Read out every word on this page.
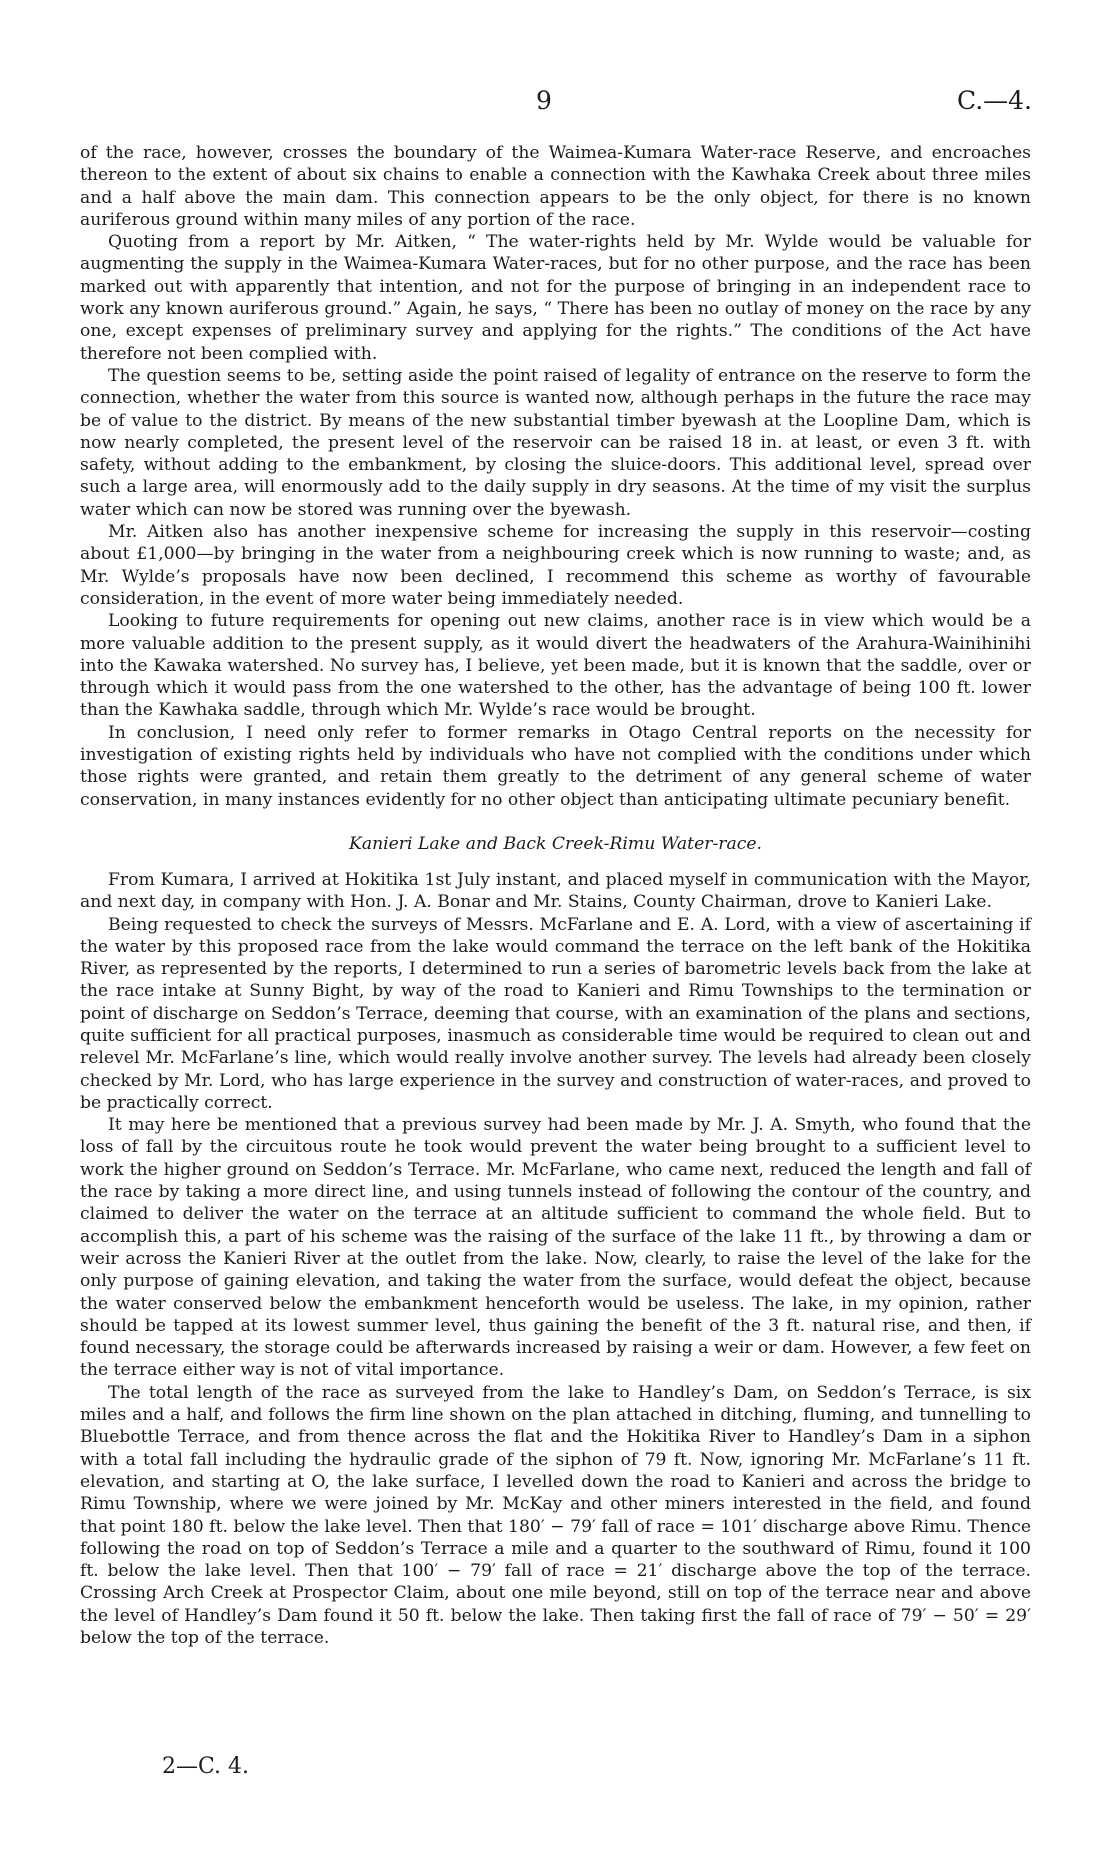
9	C.—4.

of the race, however, crosses the boundary of the Waimea-Kumara Water-race Reserve, and encroaches thereon to the extent of about six chains to enable a connection with the Kawhaka Creek about three miles and a half above the main dam. This connection appears to be the only object, for there is no known auriferous ground within many miles of any portion of the race.

Quoting from a report by Mr. Aitken, “ The water-rights held by Mr. Wylde would be valuable for augmenting the supply in the Waimea-Kumara Water-races, but for no other purpose, and the race has been marked out with apparently that intention, and not for the purpose of bringing in an independent race to work any known auriferous ground.” Again, he says, “ There has been no outlay of money on the race by any one, except expenses of preliminary survey and applying for the rights.” The conditions of the Act have therefore not been complied with.

The question seems to be, setting aside the point raised of legality of entrance on the reserve to form the connection, whether the water from this source is wanted now, although perhaps in the future the race may be of value to the district. By means of the new substantial timber byewash at the Loopline Dam, which is now nearly completed, the present level of the reservoir can be raised 18 in. at least, or even 3 ft. with safety, without adding to the embankment, by closing the sluice-doors. This additional level, spread over such a large area, will enormously add to the daily supply in dry seasons. At the time of my visit the surplus water which can now be stored was running over the byewash.

Mr. Aitken also has another inexpensive scheme for increasing the supply in this reservoir—costing about £1,000—by bringing in the water from a neighbouring creek which is now running to waste; and, as Mr. Wylde’s proposals have now been declined, I recommend this scheme as worthy of favourable consideration, in the event of more water being immediately needed.

Looking to future requirements for opening out new claims, another race is in view which would be a more valuable addition to the present supply, as it would divert the headwaters of the Arahura-Wainihinihi into the Kawaka watershed. No survey has, I believe, yet been made, but it is known that the saddle, over or through which it would pass from the one watershed to the other, has the advantage of being 100 ft. lower than the Kawhaka saddle, through which Mr. Wylde’s race would be brought.

In conclusion, I need only refer to former remarks in Otago Central reports on the necessity for investigation of existing rights held by individuals who have not complied with the conditions under which those rights were granted, and retain them greatly to the detriment of any general scheme of water conservation, in many instances evidently for no other object than anticipating ultimate pecuniary benefit.

Kanieri Lake and Back Creek-Rimu Water-race.

From Kumara, I arrived at Hokitika 1st July instant, and placed myself in communication with the Mayor, and next day, in company with Hon. J. A. Bonar and Mr. Stains, County Chairman, drove to Kanieri Lake.

Being requested to check the surveys of Messrs. McFarlane and E. A. Lord, with a view of ascertaining if the water by this proposed race from the lake would command the terrace on the left bank of the Hokitika River, as represented by the reports, I determined to run a series of barometric levels back from the lake at the race intake at Sunny Bight, by way of the road to Kanieri and Rimu Townships to the termination or point of discharge on Seddon’s Terrace, deeming that course, with an examination of the plans and sections, quite sufficient for all practical purposes, inasmuch as considerable time would be required to clean out and relevel Mr. McFarlane’s line, which would really involve another survey. The levels had already been closely checked by Mr. Lord, who has large experience in the survey and construction of water-races, and proved to be practically correct.

It may here be mentioned that a previous survey had been made by Mr. J. A. Smyth, who found that the loss of fall by the circuitous route he took would prevent the water being brought to a sufficient level to work the higher ground on Seddon’s Terrace. Mr. McFarlane, who came next, reduced the length and fall of the race by taking a more direct line, and using tunnels instead of following the contour of the country, and claimed to deliver the water on the terrace at an altitude sufficient to command the whole field. But to accomplish this, a part of his scheme was the raising of the surface of the lake 11 ft., by throwing a dam or weir across the Kanieri River at the outlet from the lake. Now, clearly, to raise the level of the lake for the only purpose of gaining elevation, and taking the water from the surface, would defeat the object, because the water conserved below the embankment henceforth would be useless. The lake, in my opinion, rather should be tapped at its lowest summer level, thus gaining the benefit of the 3 ft. natural rise, and then, if found necessary, the storage could be afterwards increased by raising a weir or dam. However, a few feet on the terrace either way is not of vital importance.

The total length of the race as surveyed from the lake to Handley’s Dam, on Seddon’s Terrace, is six miles and a half, and follows the firm line shown on the plan attached in ditching, fluming, and tunnelling to Bluebottle Terrace, and from thence across the flat and the Hokitika River to Handley’s Dam in a siphon with a total fall including the hydraulic grade of the siphon of 79 ft. Now, ignoring Mr. McFarlane’s 11 ft. elevation, and starting at O, the lake surface, I levelled down the road to Kanieri and across the bridge to Rimu Township, where we were joined by Mr. McKay and other miners interested in the field, and found that point 180 ft. below the lake level. Then that 180′ − 79′ fall of race = 101′ discharge above Rimu. Thence following the road on top of Seddon’s Terrace a mile and a quarter to the southward of Rimu, found it 100 ft. below the lake level. Then that 100′ − 79′ fall of race = 21′ discharge above the top of the terrace. Crossing Arch Creek at Prospector Claim, about one mile beyond, still on top of the terrace near and above the level of Handley’s Dam found it 50 ft. below the lake. Then taking first the fall of race of 79′ − 50′ = 29′ below the top of the terrace.

2—C. 4.
